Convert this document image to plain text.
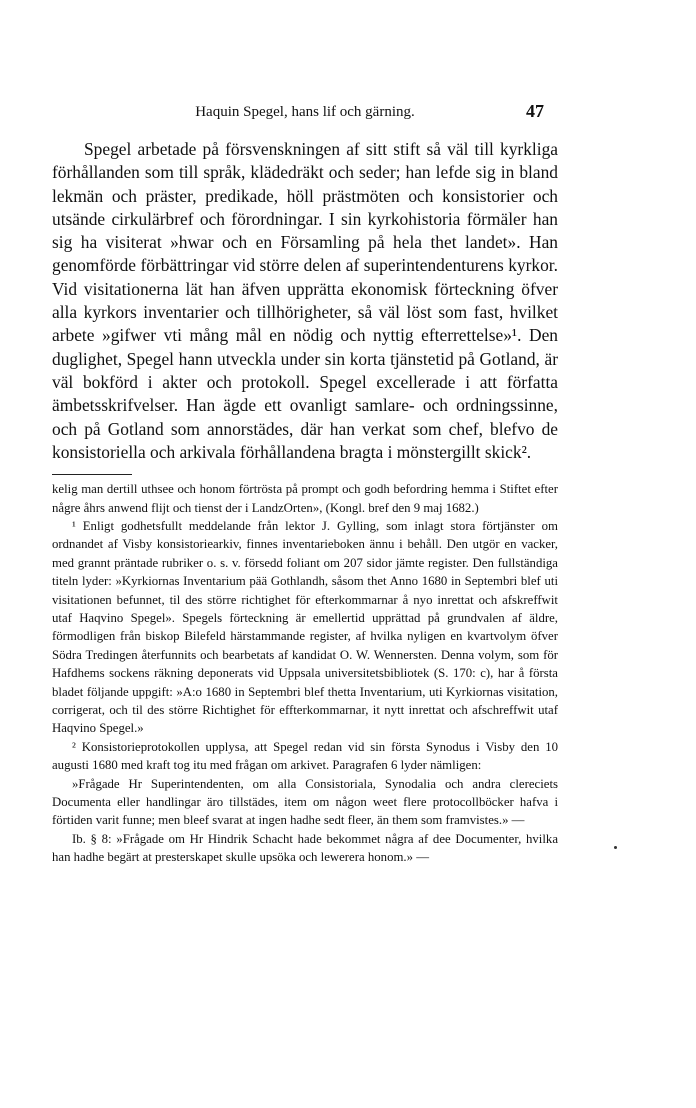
Haquin Spegel, hans lif och gärning.	47

Spegel arbetade på försvenskningen af sitt stift så väl till kyrkliga förhållanden som till språk, klädedräkt och seder; han lefde sig in bland lekmän och präster, predikade, höll prästmöten och konsistorier och utsände cirkulärbref och förordningar. I sin kyrkohistoria förmäler han sig ha visiterat »hwar och en Församling på hela thet landet». Han genomförde förbättringar vid större delen af superintendenturens kyrkor. Vid visitationerna lät han äfven upprätta ekonomisk förteckning öfver alla kyrkors inventarier och tillhörigheter, så väl löst som fast, hvilket arbete »gifwer vti mång mål en nödig och nyttig efterrettelse»¹. Den duglighet, Spegel hann utveckla under sin korta tjänstetid på Gotland, är väl bokförd i akter och protokoll. Spegel excellerade i att författa ämbetsskrifvelser. Han ägde ett ovanligt samlare- och ordningssinne, och på Gotland som annorstädes, där han verkat som chef, blefvo de konsistoriella och arkivala förhållandena bragta i mönstergillt skick².

kelig man dertill uthsee och honom förtrösta på prompt och godh befordring hemma i Stiftet efter någre åhrs anwend flijt och tienst der i LandzOrten», (Kongl. bref den 9 maj 1682.)

¹ Enligt godhetsfullt meddelande från lektor J. Gylling, som inlagt stora förtjänster om ordnandet af Visby konsistoriearkiv, finnes inventarieboken ännu i behåll. Den utgör en vacker, med grannt präntade rubriker o. s. v. försedd foliant om 207 sidor jämte register. Den fullständiga titeln lyder: »Kyrkiornas Inventarium pää Gothlandh, såsom thet Anno 1680 in Septembri blef uti visitationen befunnet, til des större richtighet för efterkommarnar å nyo inrettat och afskreffwit utaf Haqvino Spegel». Spegels förteckning är emellertid upprättad på grundvalen af äldre, förmodligen från biskop Bilefeld härstammande register, af hvilka nyligen en kvartvolym öfver Södra Tredingen återfunnits och bearbetats af kandidat O. W. Wennersten. Denna volym, som för Hafdhems sockens räkning deponerats vid Uppsala universitetsbibliotek (S. 170: c), har å första bladet följande uppgift: »A:o 1680 in Septembri blef thetta Inventarium, uti Kyrkiornas visitation, corrigerat, och til des större Richtighet för effterkommarnar, it nytt inrettat och afschreffwit utaf Haqvino Spegel.»

² Konsistorieprotokollen upplysa, att Spegel redan vid sin första Synodus i Visby den 10 augusti 1680 med kraft tog itu med frågan om arkivet. Paragrafen 6 lyder nämligen:

»Frågade Hr Superintendenten, om alla Consistoriala, Synodalia och andra clereciets Documenta eller handlingar äro tillstädes, item om någon weet flere protocollböcker hafva i förtiden varit funne; men bleef svarat at ingen hadhe sedt fleer, än them som framvistes.» —

Ib. § 8: »Frågade om Hr Hindrik Schacht hade bekommet några af dee Documenter, hvilka han hadhe begärt at presterskapet skulle upsöka och lewerera honom.» —
